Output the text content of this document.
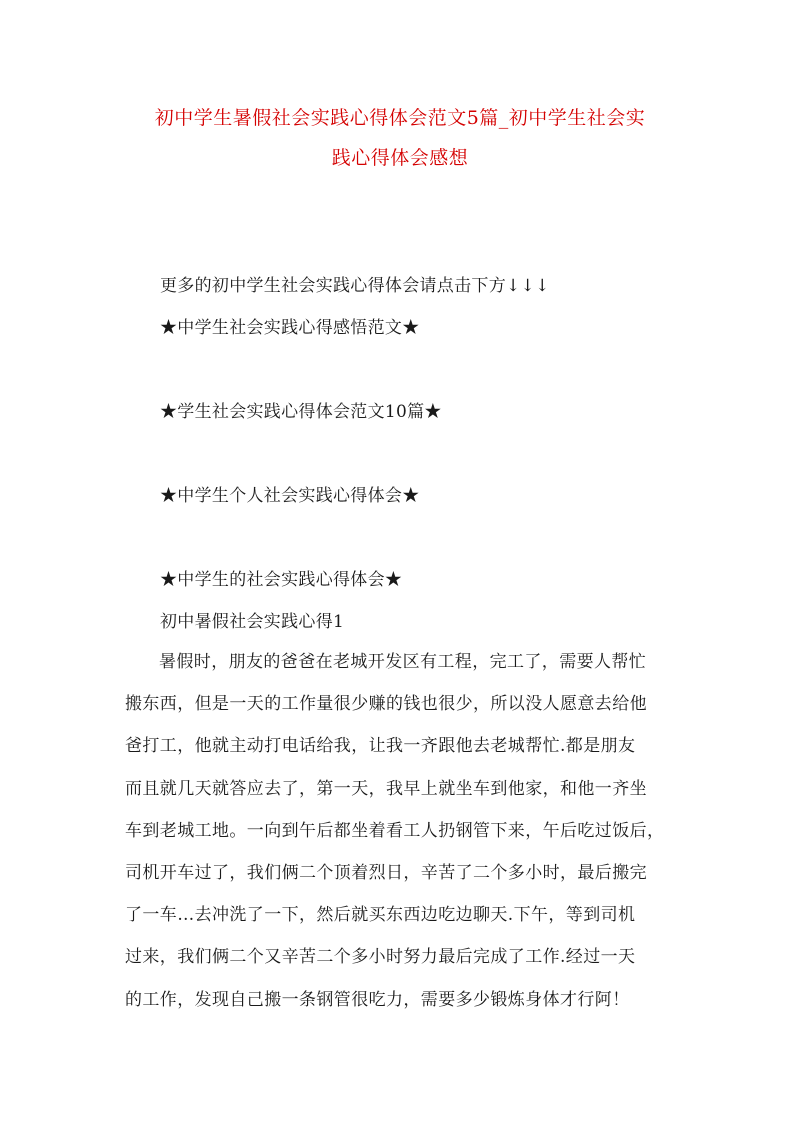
初中学生暑假社会实践心得体会范文5篇_初中学生社会实
践心得体会感想
更多的初中学生社会实践心得体会请点击下方↓↓↓
★中学生社会实践心得感悟范文★
★学生社会实践心得体会范文10篇★
★中学生个人社会实践心得体会★
★中学生的社会实践心得体会★
初中暑假社会实践心得1
暑假时，朋友的爸爸在老城开发区有工程，完工了，需要人帮忙
搬东西，但是一天的工作量很少赚的钱也很少，所以没人愿意去给他
爸打工，他就主动打电话给我，让我一齐跟他去老城帮忙.都是朋友
而且就几天就答应去了，第一天，我早上就坐车到他家，和他一齐坐
车到老城工地。一向到午后都坐着看工人扔钢管下来，午后吃过饭后，
司机开车过了，我们俩二个顶着烈日，辛苦了二个多小时，最后搬完
了一车…去冲洗了一下，然后就买东西边吃边聊天.下午，等到司机
过来，我们俩二个又辛苦二个多小时努力最后完成了工作.经过一天
的工作，发现自己搬一条钢管很吃力，需要多少锻炼身体才行阿！
